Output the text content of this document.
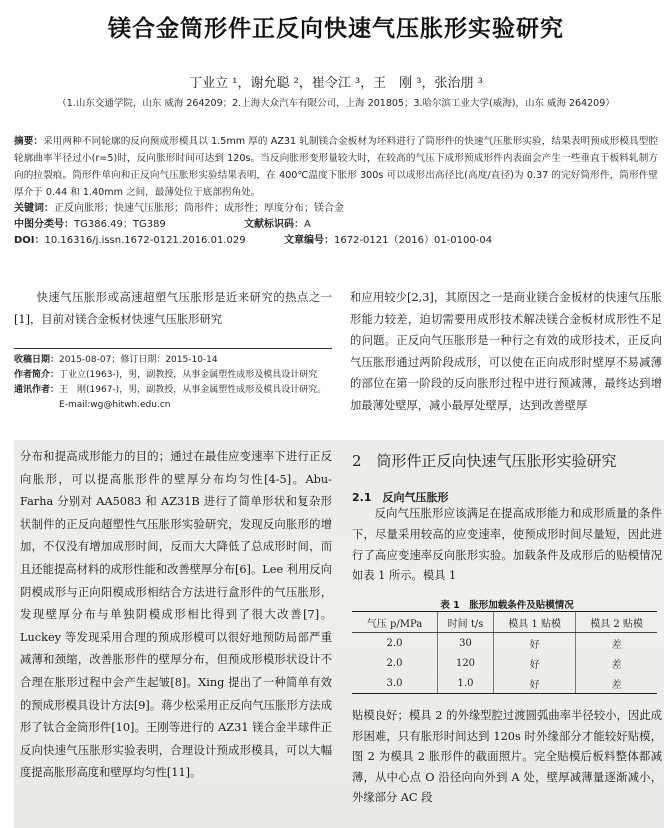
镁合金筒形件正反向快速气压胀形实验研究
丁业立 ¹，谢允聪 ²，崔令江 ³，王　刚 ³，张治朋 ³
（1.山东交通学院，山东 威海 264209；2.上海大众汽车有限公司，上海 201805；3.哈尔滨工业大学(威海)，山东 威海 264209）
摘要：采用两种不同轮廓的反向预成形模具以 1.5mm 厚的 AZ31 轧制镁合金板材为坯料进行了筒形件的快速气压胀形实验，结果表明预成形模具型腔轮廓曲率半径过小(r=5)时，反向胀形时间可达到 120s。当反向胀形变形量较大时，在较高的气压下成形预成形件内表面会产生一些垂直于板料轧制方向的拉裂痕。筒形件单向和正反向气压胀形实验结果表明，在 400℃温度下胀形 300s 可以成形出高径比(高度/直径)为 0.37 的完好筒形件，筒形件壁厚介于 0.44 和 1.40mm 之间，最薄处位于底部拐角处。
关键词：正反向胀形；快速气压胀形；筒形件；成形性；厚度分布；镁合金
中图分类号：TG386.49；TG389	文献标识码：A
DOI：10.16316/j.issn.1672-0121.2016.01.029	文章编号：1672-0121（2016）01-0100-04
快速气压胀形或高速超塑气压胀形是近来研究的热点之一[1]，目前对镁合金板材快速气压胀形研究
和应用较少[2,3]，其原因之一是商业镁合金板材的快速气压胀形能力较差，迫切需要用成形技术解决镁合金板材成形性不足的问题。正反向气压胀形是一种行之有效的成形技术，正反向气压胀形通过两阶段成形，可以使在正向成形时壁厚不易减薄的部位在第一阶段的反向胀形过程中进行预减薄，最终达到增加最薄处壁厚，减小最厚处壁厚，达到改善壁厚
收稿日期： 2015-08-07；修订日期：2015-10-14
作者简介： 丁业立(1963-)，男，副教授，从事金属塑性成形及模具设计研究
通讯作者： 王　刚(1967-)，男，副教授，从事金属塑性成形及模具设计研究。E-mail:wg@hitwh.edu.cn
分布和提高成形能力的目的；通过在最佳应变速率下进行正反向胀形，可以提高胀形件的壁厚分布均匀性[4-5]。Abu-Farha 分别对 AA5083 和 AZ31B 进行了简单形状和复杂形状制件的正反向超塑性气压胀形实验研究，发现反向胀形的增加，不仅没有增加成形时间，反而大大降低了总成形时间，而且还能提高材料的成形性能和改善壁厚分布[6]。Lee 利用反向阴模成形与正向阳模成形相结合方法进行盒形件的气压胀形，发现壁厚分布与单独阴模成形相比得到了很大改善[7]。Luckey 等发现采用合理的预成形模可以很好地预防局部严重减薄和颈缩，改善胀形件的壁厚分布，但预成形模形状设计不合理在胀形过程中会产生起皱[8]。Xing 提出了一种简单有效的预成形模具设计方法[9]。蒋少松采用正反向气压胀形方法成形了钛合金筒形件[10]。王刚等进行的 AZ31 镁合金半球件正反向快速气压胀形实验表明，合理设计预成形模具，可以大幅度提高胀形高度和壁厚均匀性[11]。
2　筒形件正反向快速气压胀形实验研究
2.1　反向气压胀形
反向气压胀形应该满足在提高成形能力和成形质量的条件下，尽量采用较高的应变速率，使预成形时间尽量短，因此进行了高应变速率反向胀形实验。加载条件及成形后的贴模情况如表 1 所示。模具 1
表 1　胀形加载条件及贴模情况
气压 p/MPa	时间 t/s	模具 1 贴模	模具 2 贴模
2.0	30	好	差
2.0	120	好	差
3.0	1.0	好	差
贴模良好；模具 2 的外缘型腔过渡圆弧曲率半径较小，因此成形困难，只有胀形时间达到 120s 时外缘部分才能较好贴模，图 2 为模具 2 胀形件的截面照片。完全贴模后板料整体都减薄，从中心点 O 沿径向向外到 A 处，壁厚减薄量逐渐减小，外缘部分 AC 段
